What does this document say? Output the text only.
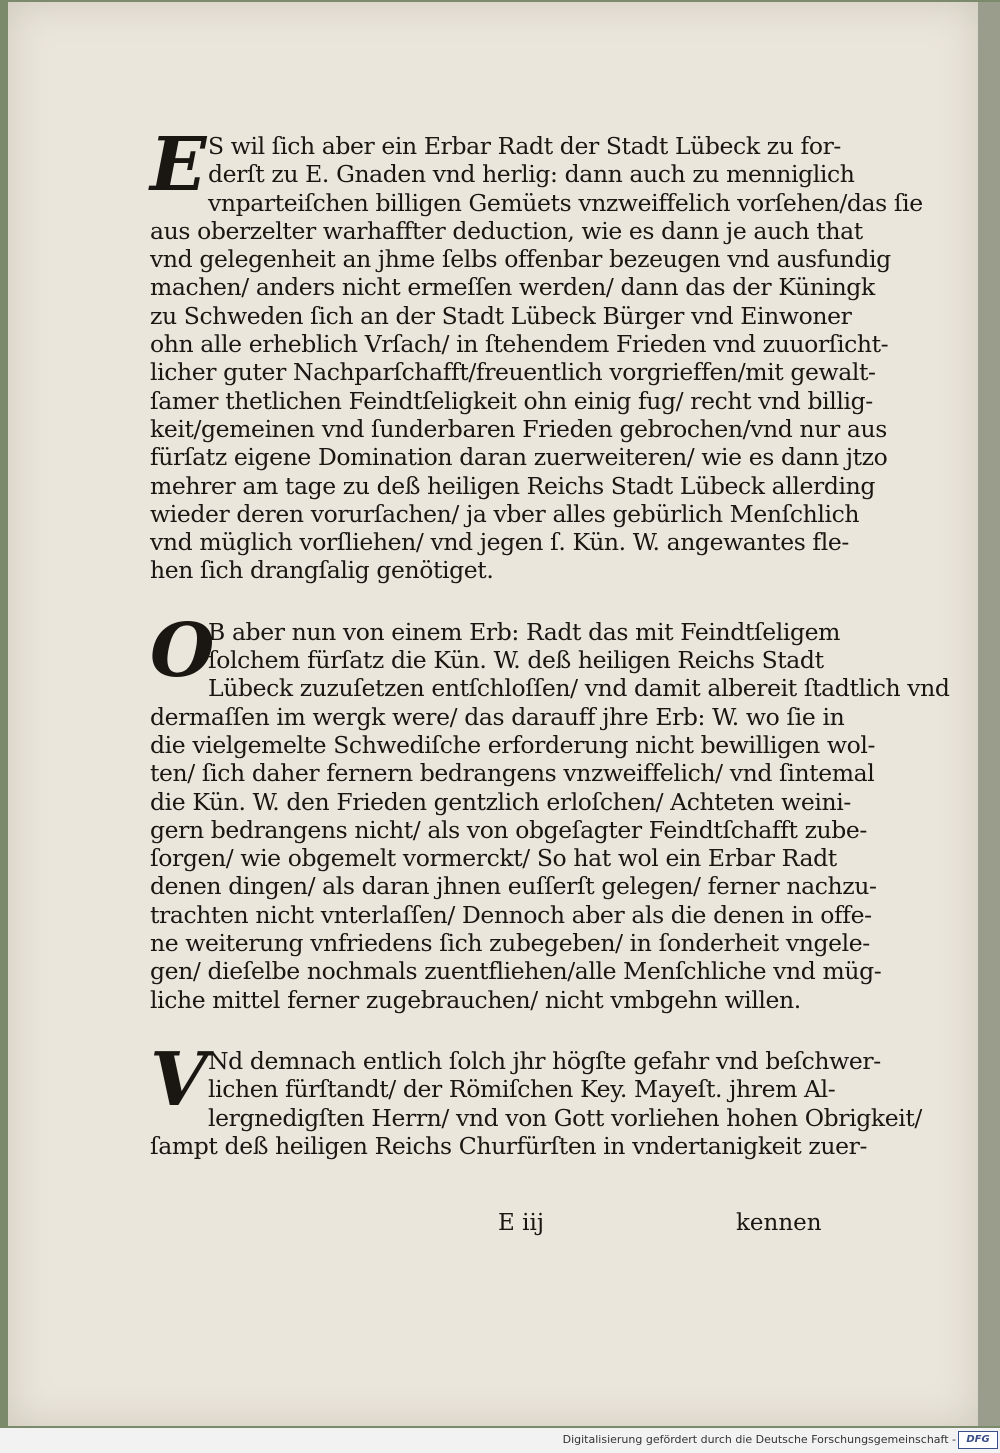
E S wil ſich aber ein Erbar Radt der Stadt Lübeck zu for-
derſt zu E. Gnaden vnd herlig: dann auch zu menniglich
vnparteiſchen billigen Gemüets vnzweiffelich vorſehen/das ſie
aus oberzelter warhaffter deduction, wie es dann je auch that
vnd gelegenheit an jhme ſelbs offenbar bezeugen vnd ausfundig
machen/ anders nicht ermeſſen werden/ dann das der Küningk
zu Schweden ſich an der Stadt Lübeck Bürger vnd Einwoner
ohn alle erheblich Vrſach/ in ſtehendem Frieden vnd zuuorſicht-
licher guter Nachparſchafft/freuentlich vorgrieffen/mit gewalt-
ſamer thetlichen Feindtſeligkeit ohn einig fug/ recht vnd billig-
keit/gemeinen vnd ſunderbaren Frieden gebrochen/vnd nur aus
fürſatz eigene Domination daran zuerweiteren/ wie es dann jtzo
mehrer am tage zu deß heiligen Reichs Stadt Lübeck allerding
wieder deren vorurſachen/ ja vber alles gebürlich Menſchlich
vnd müglich vorſliehen/ vnd jegen ſ. Kün. W. angewantes fle-
hen ſich drangſalig genötiget.
O
B aber nun von einem Erb: Radt das mit Feindtſeligem
ſolchem fürſatz die Kün. W. deß heiligen Reichs Stadt
Lübeck zuzuſetzen entſchloſſen/ vnd damit albereit ſtadtlich vnd
dermaſſen im wergk were/ das darauff jhre Erb: W. wo ſie in
die vielgemelte Schwediſche erforderung nicht bewilligen wol-
ten/ ſich daher fernern bedrangens vnzweiffelich/ vnd ſintemal
die Kün. W. den Frieden gentzlich erloſchen/ Achteten weini-
gern bedrangens nicht/ als von obgeſagter Feindtſchafft zube-
ſorgen/ wie obgemelt vormerckt/ So hat wol ein Erbar Radt
denen dingen/ als daran jhnen euſſerſt gelegen/ ferner nachzu-
trachten nicht vnterlaſſen/ Dennoch aber als die denen in offe-
ne weiterung vnfriedens ſich zubegeben/ in ſonderheit vngele-
gen/ dieſelbe nochmals zuentfliehen/alle Menſchliche vnd müg-
liche mittel ferner zugebrauchen/ nicht vmbgehn willen.
V Nd demnach entlich ſolch jhr högſte gefahr vnd beſchwer-
lichen fürſtandt/ der Römiſchen Key. Mayeſt. jhrem Al-
lergnedigſten Herrn/ vnd von Gott vorliehen hohen Obrigkeit/
ſampt deß heiligen Reichs Churfürſten in vndertanigkeit zuer-
E iij	kennen
Digitalisierung gefördert durch die Deutsche Forschungsgemeinschaft -	DFG
